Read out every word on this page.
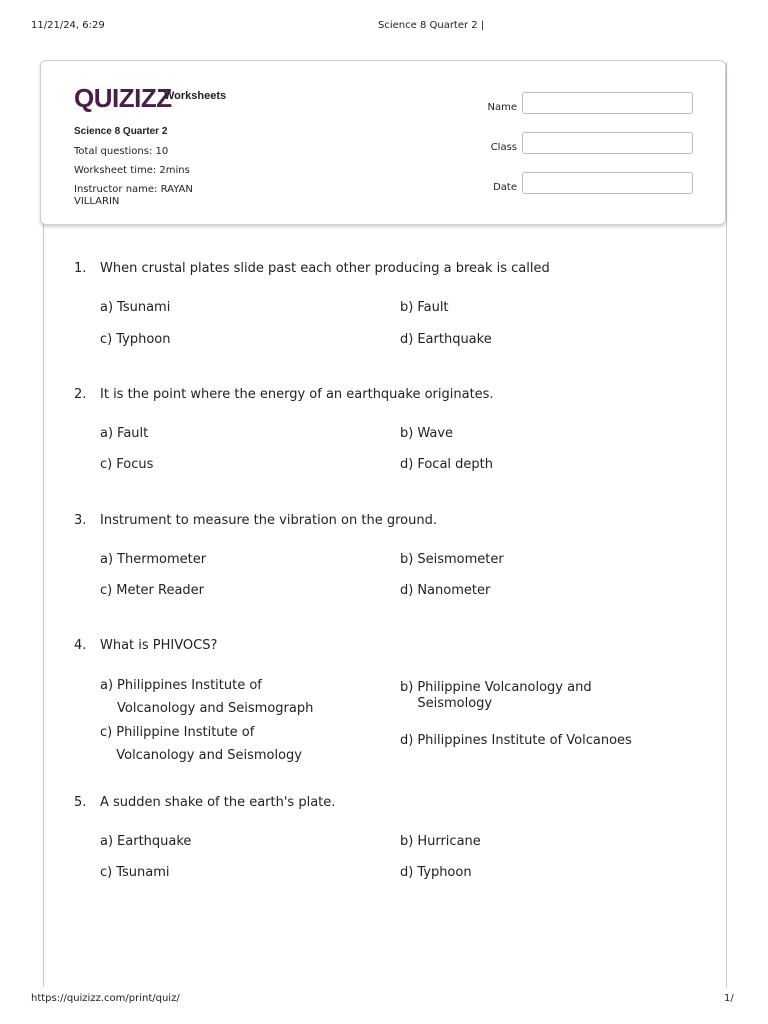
11/21/24, 6:29	Science 8 Quarter 2 |
https://quizizz.com/print/quiz/	1/
QUIZIZZ
Worksheets
Science 8 Quarter 2
Total questions: 10
Worksheet time: 2mins
Instructor name: RAYAN VILLARIN
Name
Class
Date
1. When crustal plates slide past each other producing a break is called
a) Tsunami	b) Fault
c) Typhoon	d) Earthquake
2. It is the point where the energy of an earthquake originates.
a) Fault	b) Wave
c) Focus	d) Focal depth
3. Instrument to measure the vibration on the ground.
a) Thermometer	b) Seismometer
c) Meter Reader	d) Nanometer
4. What is PHIVOCS?
a) Philippines Institute of
Volcanology and Seismograph
b) Philippine Volcanology and
Seismology
c) Philippine Institute of
Volcanology and Seismology
d) Philippines Institute of Volcanoes
5. A sudden shake of the earth's plate.
a) Earthquake	b) Hurricane
c) Tsunami	d) Typhoon
